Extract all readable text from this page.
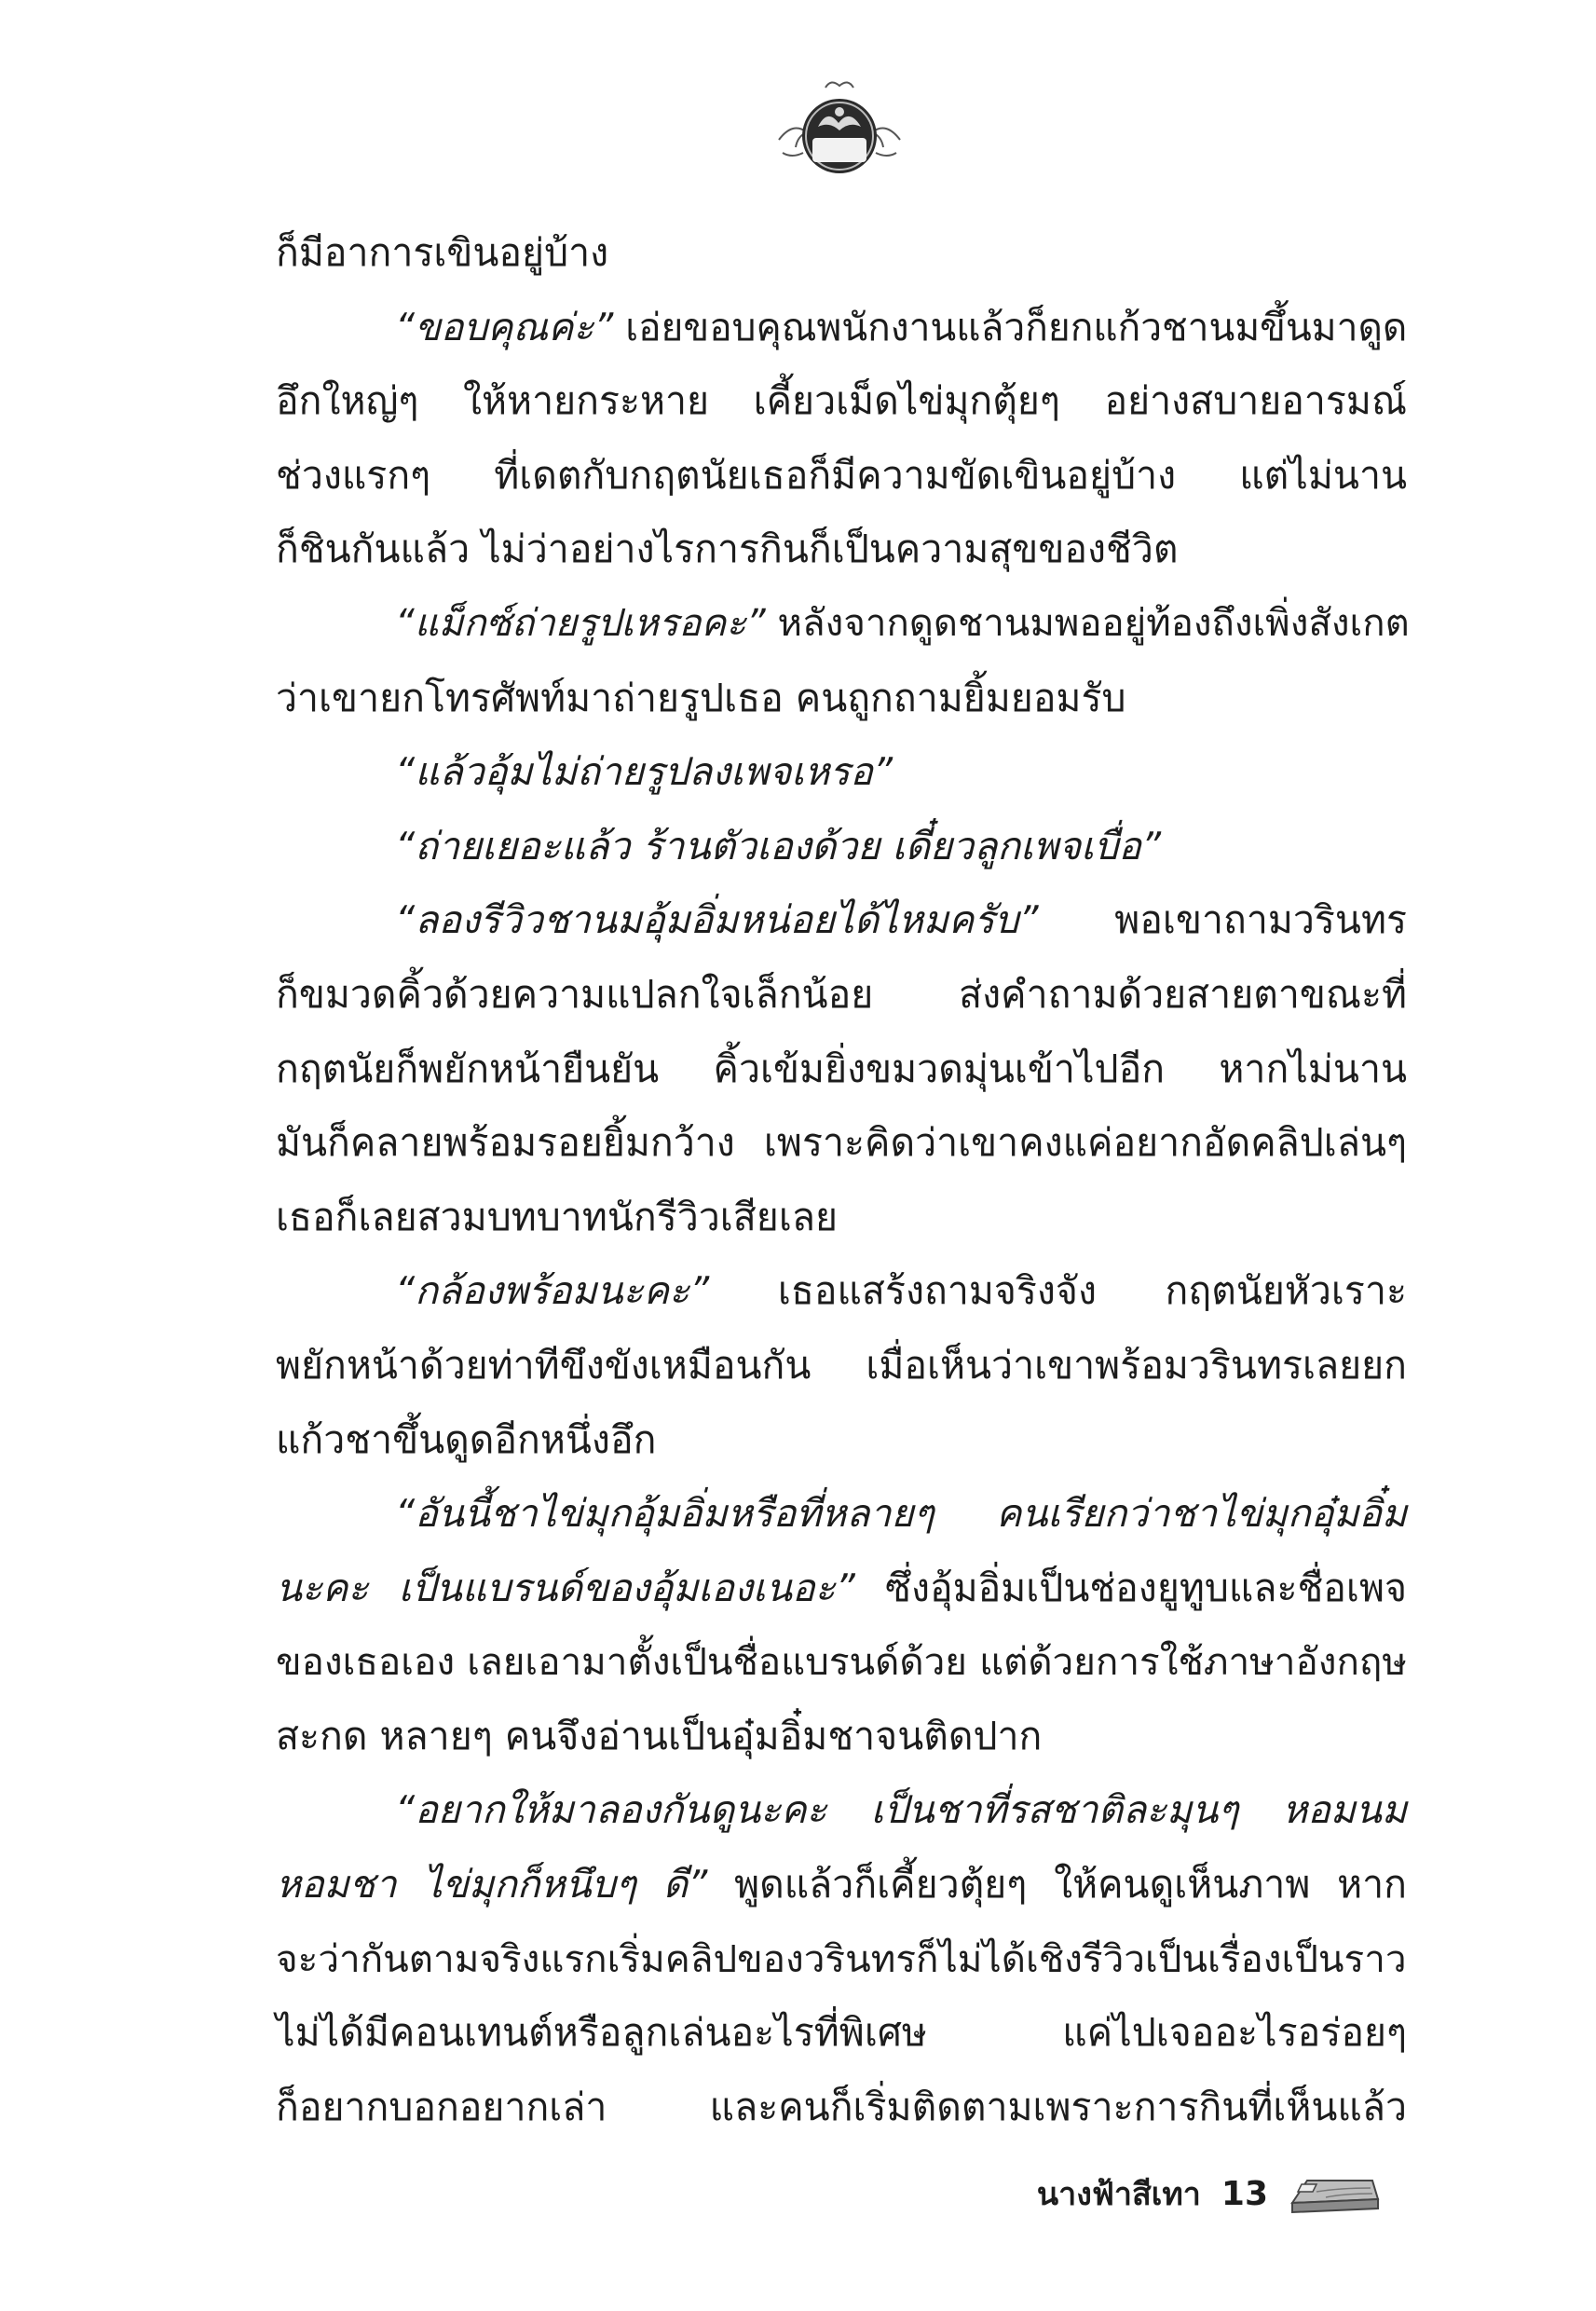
ก็มีอาการเขินอยู่บ้าง
“ขอบคุณค่ะ” เอ่ยขอบคุณพนักงานแล้วก็ยกแก้วชานมขึ้นมาดูด
อึกใหญ่ๆ ให้หายกระหาย เคี้ยวเม็ดไข่มุกตุ้ยๆ อย่างสบายอารมณ์
ช่วงแรกๆ ที่เดตกับกฤตนัยเธอก็มีความขัดเขินอยู่บ้าง แต่ไม่นาน
ก็ชินกันแล้ว ไม่ว่าอย่างไรการกินก็เป็นความสุขของชีวิต
“แม็กซ์ถ่ายรูปเหรอคะ” หลังจากดูดชานมพออยู่ท้องถึงเพิ่งสังเกต
ว่าเขายกโทรศัพท์มาถ่ายรูปเธอ คนถูกถามยิ้มยอมรับ
“แล้วอุ้มไม่ถ่ายรูปลงเพจเหรอ”
“ถ่ายเยอะแล้ว ร้านตัวเองด้วย เดี๋ยวลูกเพจเบื่อ”
“ลองรีวิวชานมอุ้มอิ่มหน่อยได้ไหมครับ” พอเขาถามวรินทร
ก็ขมวดคิ้วด้วยความแปลกใจเล็กน้อย ส่งคำถามด้วยสายตาขณะที่
กฤตนัยก็พยักหน้ายืนยัน คิ้วเข้มยิ่งขมวดมุ่นเข้าไปอีก หากไม่นาน
มันก็คลายพร้อมรอยยิ้มกว้าง เพราะคิดว่าเขาคงแค่อยากอัดคลิปเล่นๆ
เธอก็เลยสวมบทบาทนักรีวิวเสียเลย
“กล้องพร้อมนะคะ” เธอแสร้งถามจริงจัง กฤตนัยหัวเราะ
พยักหน้าด้วยท่าทีขึงขังเหมือนกัน เมื่อเห็นว่าเขาพร้อมวรินทรเลยยก
แก้วชาขึ้นดูดอีกหนึ่งอึก
“อันนี้ชาไข่มุกอุ้มอิ่มหรือที่หลายๆ คนเรียกว่าชาไข่มุกอุ๋มอิ๋ม
นะคะ เป็นแบรนด์ของอุ้มเองเนอะ” ซึ่งอุ้มอิ่มเป็นช่องยูทูบและชื่อเพจ
ของเธอเอง เลยเอามาตั้งเป็นชื่อแบรนด์ด้วย แต่ด้วยการใช้ภาษาอังกฤษ
สะกด หลายๆ คนจึงอ่านเป็นอุ๋มอิ๋มชาจนติดปาก
“อยากให้มาลองกันดูนะคะ เป็นชาที่รสชาติละมุนๆ หอมนม
หอมชา ไข่มุกก็หนึบๆ ดี” พูดแล้วก็เคี้ยวตุ้ยๆ ให้คนดูเห็นภาพ หาก
จะว่ากันตามจริงแรกเริ่มคลิปของวรินทรก็ไม่ได้เชิงรีวิวเป็นเรื่องเป็นราว
ไม่ได้มีคอนเทนต์หรือลูกเล่นอะไรที่พิเศษ แค่ไปเจออะไรอร่อยๆ
ก็อยากบอกอยากเล่า และคนก็เริ่มติดตามเพราะการกินที่เห็นแล้ว
นางฟ้าสีเทา 13
